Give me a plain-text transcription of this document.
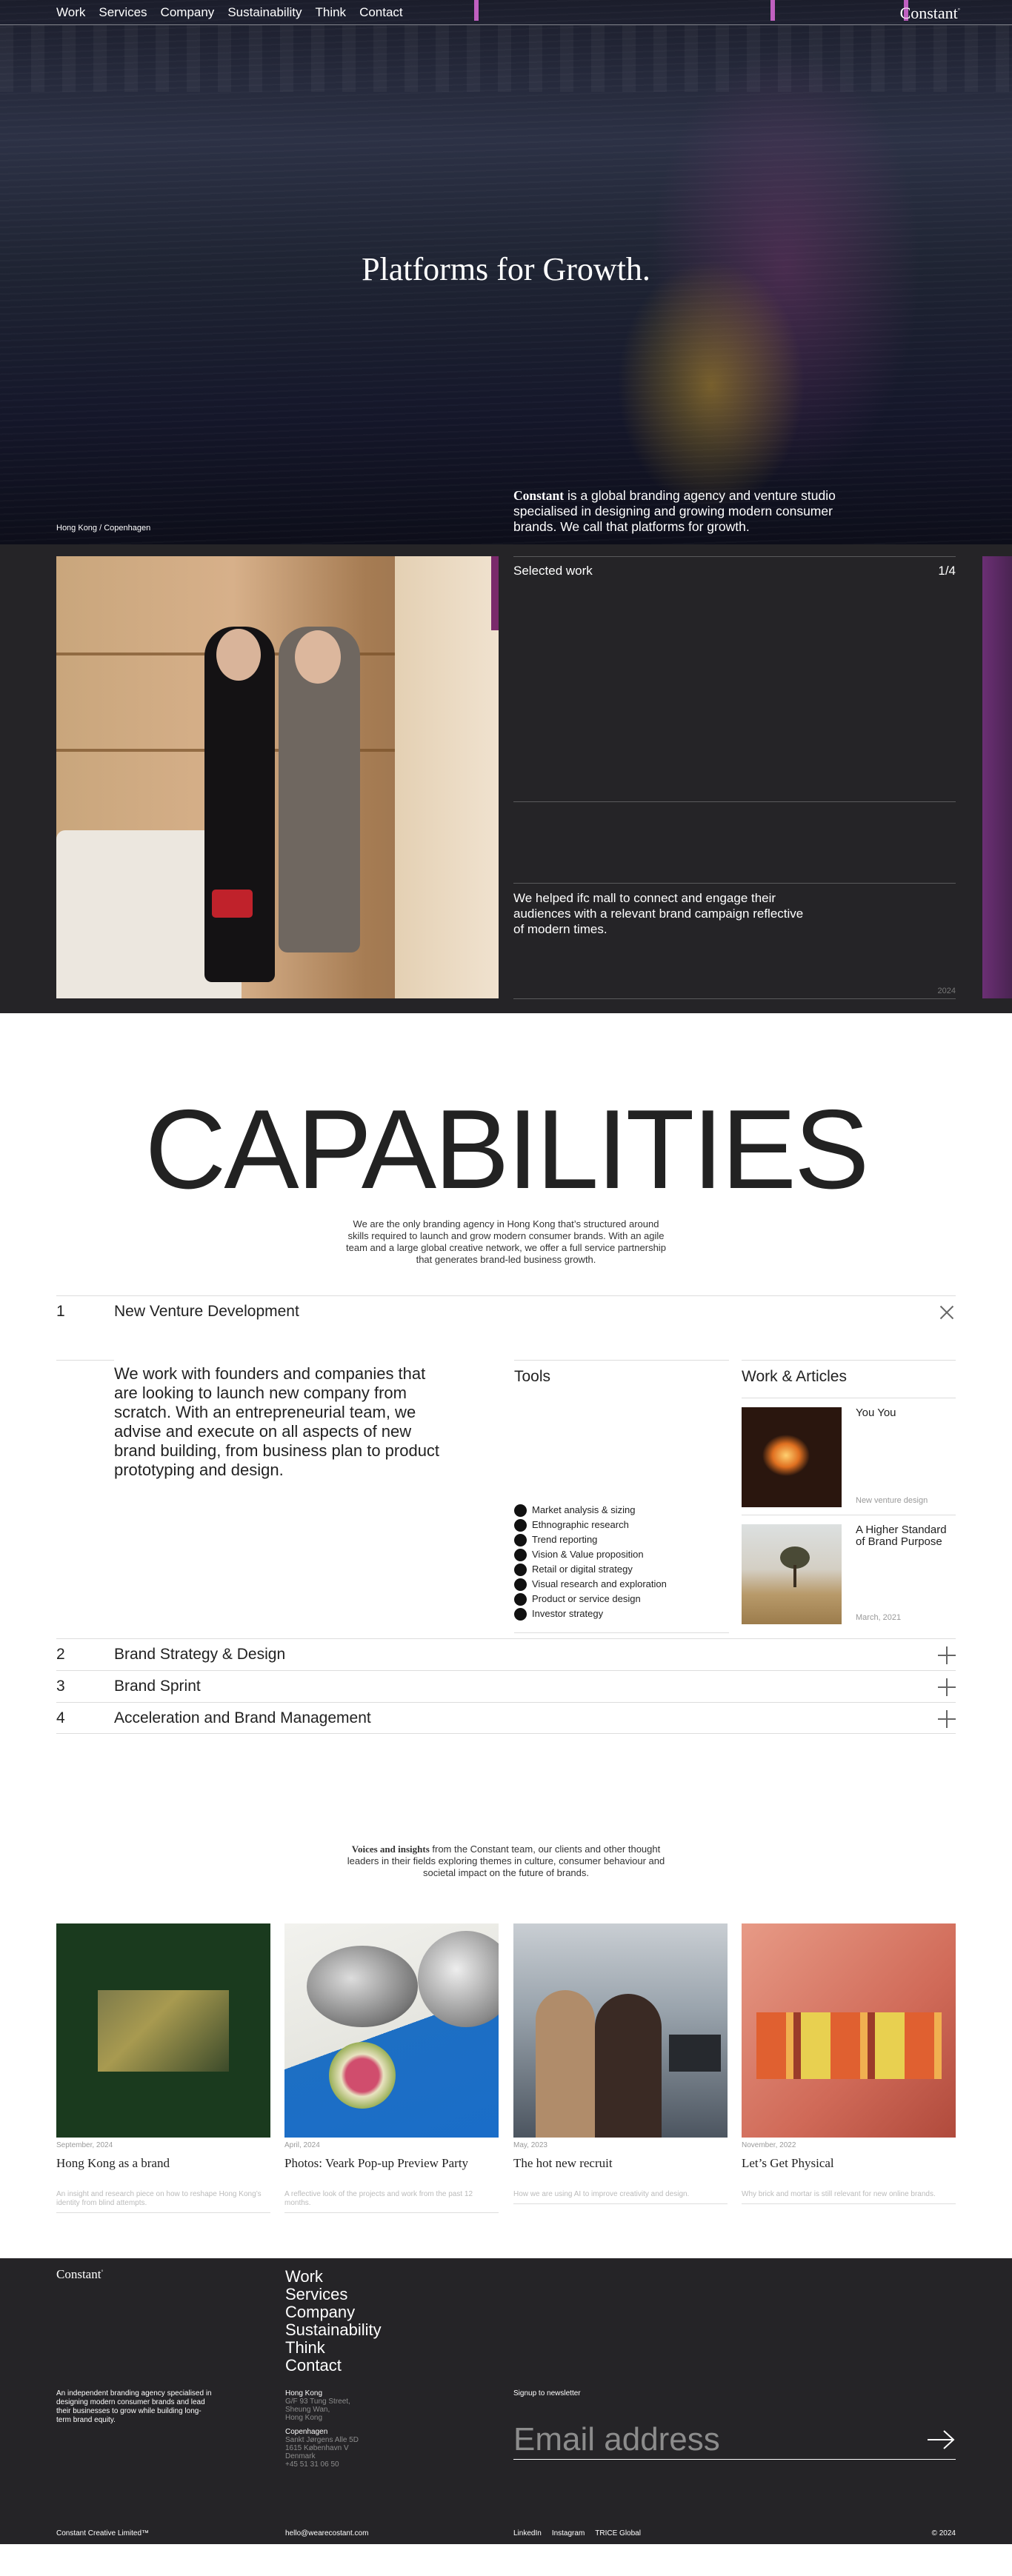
Work Services Company Sustainability Think Contact	Constant°
Platforms for Growth.
Hong Kong / Copenhagen

Constant is a global branding agency and venture studio specialised in designing and growing modern consumer brands. We call that platforms for growth.

Selected work	1/4

We helped ifc mall to connect and engage their audiences with a relevant brand campaign reflective of modern times.

2024
CAPABILITIES

We are the only branding agency in Hong Kong that’s structured around skills required to launch and grow modern consumer brands. With an agile team and a large global creative network, we offer a full service partnership that generates brand-led business growth.

1	New Venture Development

We work with founders and companies that are looking to launch new company from scratch. With an entrepreneurial team, we advise and execute on all aspects of new brand building, from business plan to product prototyping and design.

Tools
Market analysis & sizing
Ethnographic research
Trend reporting
Vision & Value proposition
Retail or digital strategy
Visual research and exploration
Product or service design
Investor strategy
Work & Articles
You You
New venture design
A Higher Standard of Brand Purpose
March, 2021
2	Brand Strategy & Design
3	Brand Sprint
4	Acceleration and Brand Management

Voices and insights from the Constant team, our clients and other thought leaders in their fields exploring themes in culture, consumer behaviour and societal impact on the future of brands.

September, 2024
Hong Kong as a brand
An insight and research piece on how to reshape Hong Kong’s identity from blind attempts.
April, 2024
Photos: Veark Pop-up Preview Party
A reflective look of the projects and work from the past 12 months.
May, 2023
The hot new recruit
How we are using AI to improve creativity and design.
November, 2022
Let’s Get Physical
Why brick and mortar is still relevant for new online brands.
Constant°	Work
Services
Company
Sustainability
Think
Contact

An independent branding agency specialised in designing modern consumer brands and lead their businesses to grow while building long-term brand equity.

Hong Kong
G/F 93 Tung Street,
Sheung Wan,
Hong Kong
Copenhagen
Sankt Jørgens Alle 5D
1615 København V
Denmark
+45 51 31 06 50
Signup to newsletter
Email address
Constant Creative Limited™	hello@wearecostant.com	LinkedIn Instagram TRICE Global	© 2024
